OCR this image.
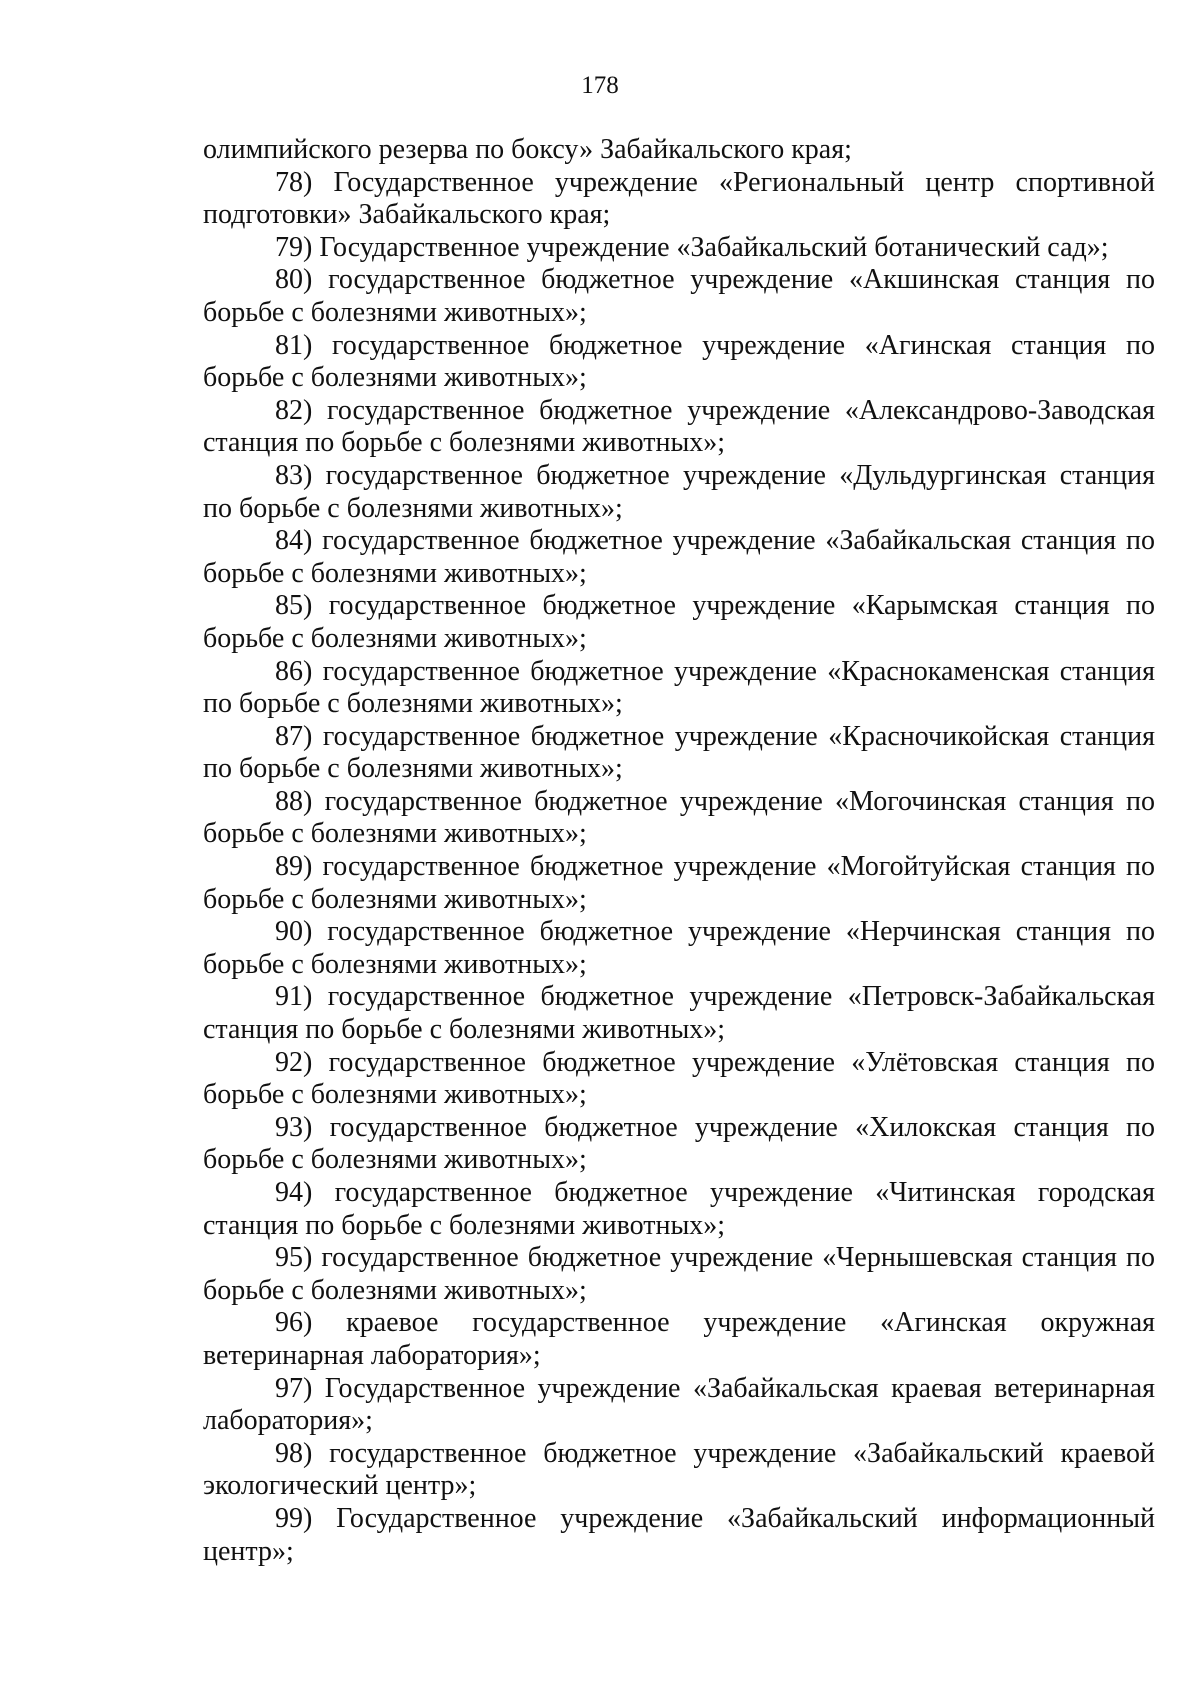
178

олимпийского резерва по боксу» Забайкальского края;

78) Государственное учреждение «Региональный центр спортивной подготовки» Забайкальского края;

79) Государственное учреждение «Забайкальский ботанический сад»;

80) государственное бюджетное учреждение «Акшинская станция по борьбе с болезнями животных»;

81) государственное бюджетное учреждение «Агинская станция по борьбе с болезнями животных»;

82) государственное бюджетное учреждение «Александрово-Заводская станция по борьбе с болезнями животных»;

83) государственное бюджетное учреждение «Дульдургинская станция по борьбе с болезнями животных»;

84) государственное бюджетное учреждение «Забайкальская станция по борьбе с болезнями животных»;

85) государственное бюджетное учреждение «Карымская станция по борьбе с болезнями животных»;

86) государственное бюджетное учреждение «Краснокаменская станция по борьбе с болезнями животных»;

87) государственное бюджетное учреждение «Красночикойская станция по борьбе с болезнями животных»;

88) государственное бюджетное учреждение «Могочинская станция по борьбе с болезнями животных»;

89) государственное бюджетное учреждение «Могойтуйская станция по борьбе с болезнями животных»;

90) государственное бюджетное учреждение «Нерчинская станция по борьбе с болезнями животных»;

91) государственное бюджетное учреждение «Петровск-Забайкальская станция по борьбе с болезнями животных»;

92) государственное бюджетное учреждение «Улётовская станция по борьбе с болезнями животных»;

93) государственное бюджетное учреждение «Хилокская станция по борьбе с болезнями животных»;

94) государственное бюджетное учреждение «Читинская городская станция по борьбе с болезнями животных»;

95) государственное бюджетное учреждение «Чернышевская станция по борьбе с болезнями животных»;

96) краевое государственное учреждение «Агинская окружная ветеринарная лаборатория»;

97) Государственное учреждение «Забайкальская краевая ветеринарная лаборатория»;

98) государственное бюджетное учреждение «Забайкальский краевой экологический центр»;

99) Государственное учреждение «Забайкальский информационный центр»;
